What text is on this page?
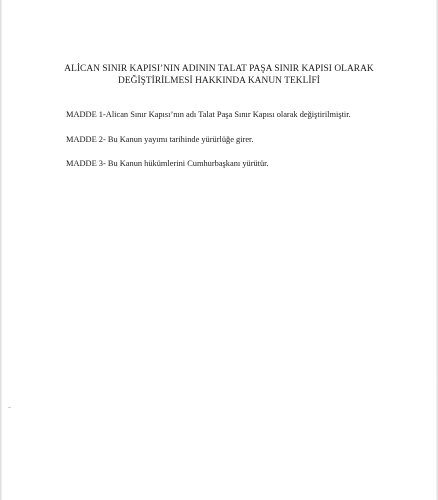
ALİCAN SINIR KAPISI’NIN ADININ TALAT PAŞA SINIR KAPISI OLARAK
DEĞİŞTİRİLMESİ HAKKINDA KANUN TEKLİFİ
MADDE 1-Alican Sınır Kapısı’nın adı Talat Paşa Sınır Kapısı olarak değiştirilmiştir.
MADDE 2- Bu Kanun yayımı tarihinde yürürlüğe girer.
MADDE 3- Bu Kanun hükümlerini Cumhurbaşkanı yürütür.
